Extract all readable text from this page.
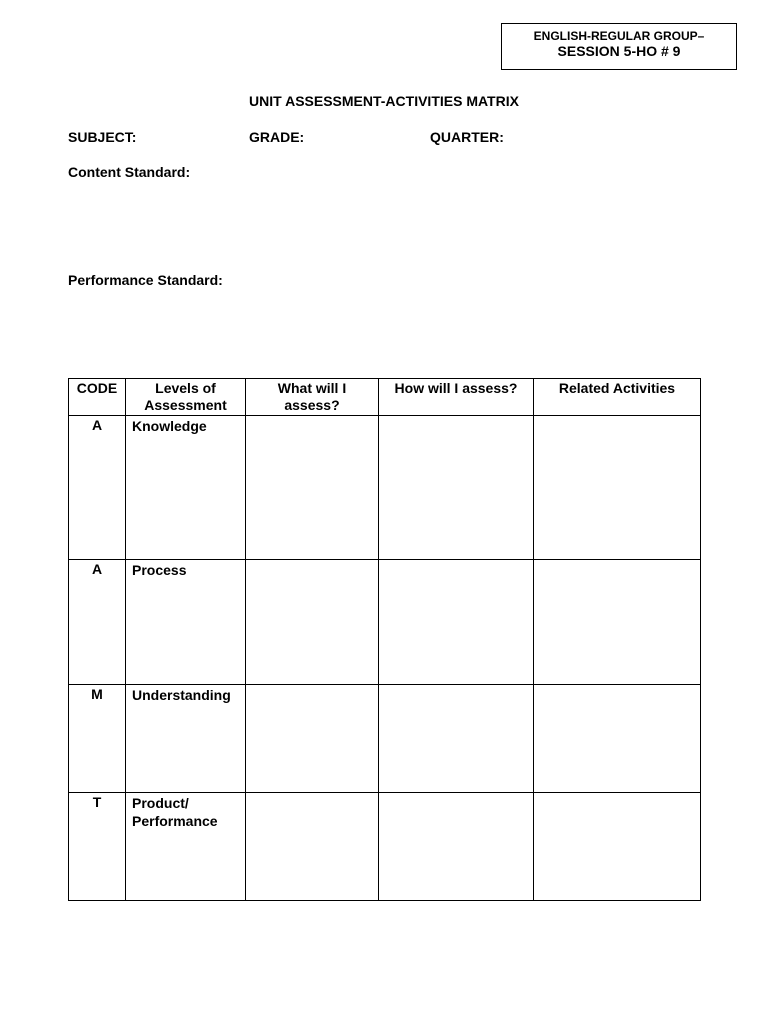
ENGLISH-REGULAR GROUP–
SESSION 5-HO # 9
UNIT ASSESSMENT-ACTIVITIES MATRIX
SUBJECT:	GRADE:	QUARTER:
Content Standard:
Performance Standard:
CODE	Levels of Assessment	What will I assess?	How will I assess?	Related Activities
A	Knowledge			
A	Process			
M	Understanding			
T	Product/ Performance			
